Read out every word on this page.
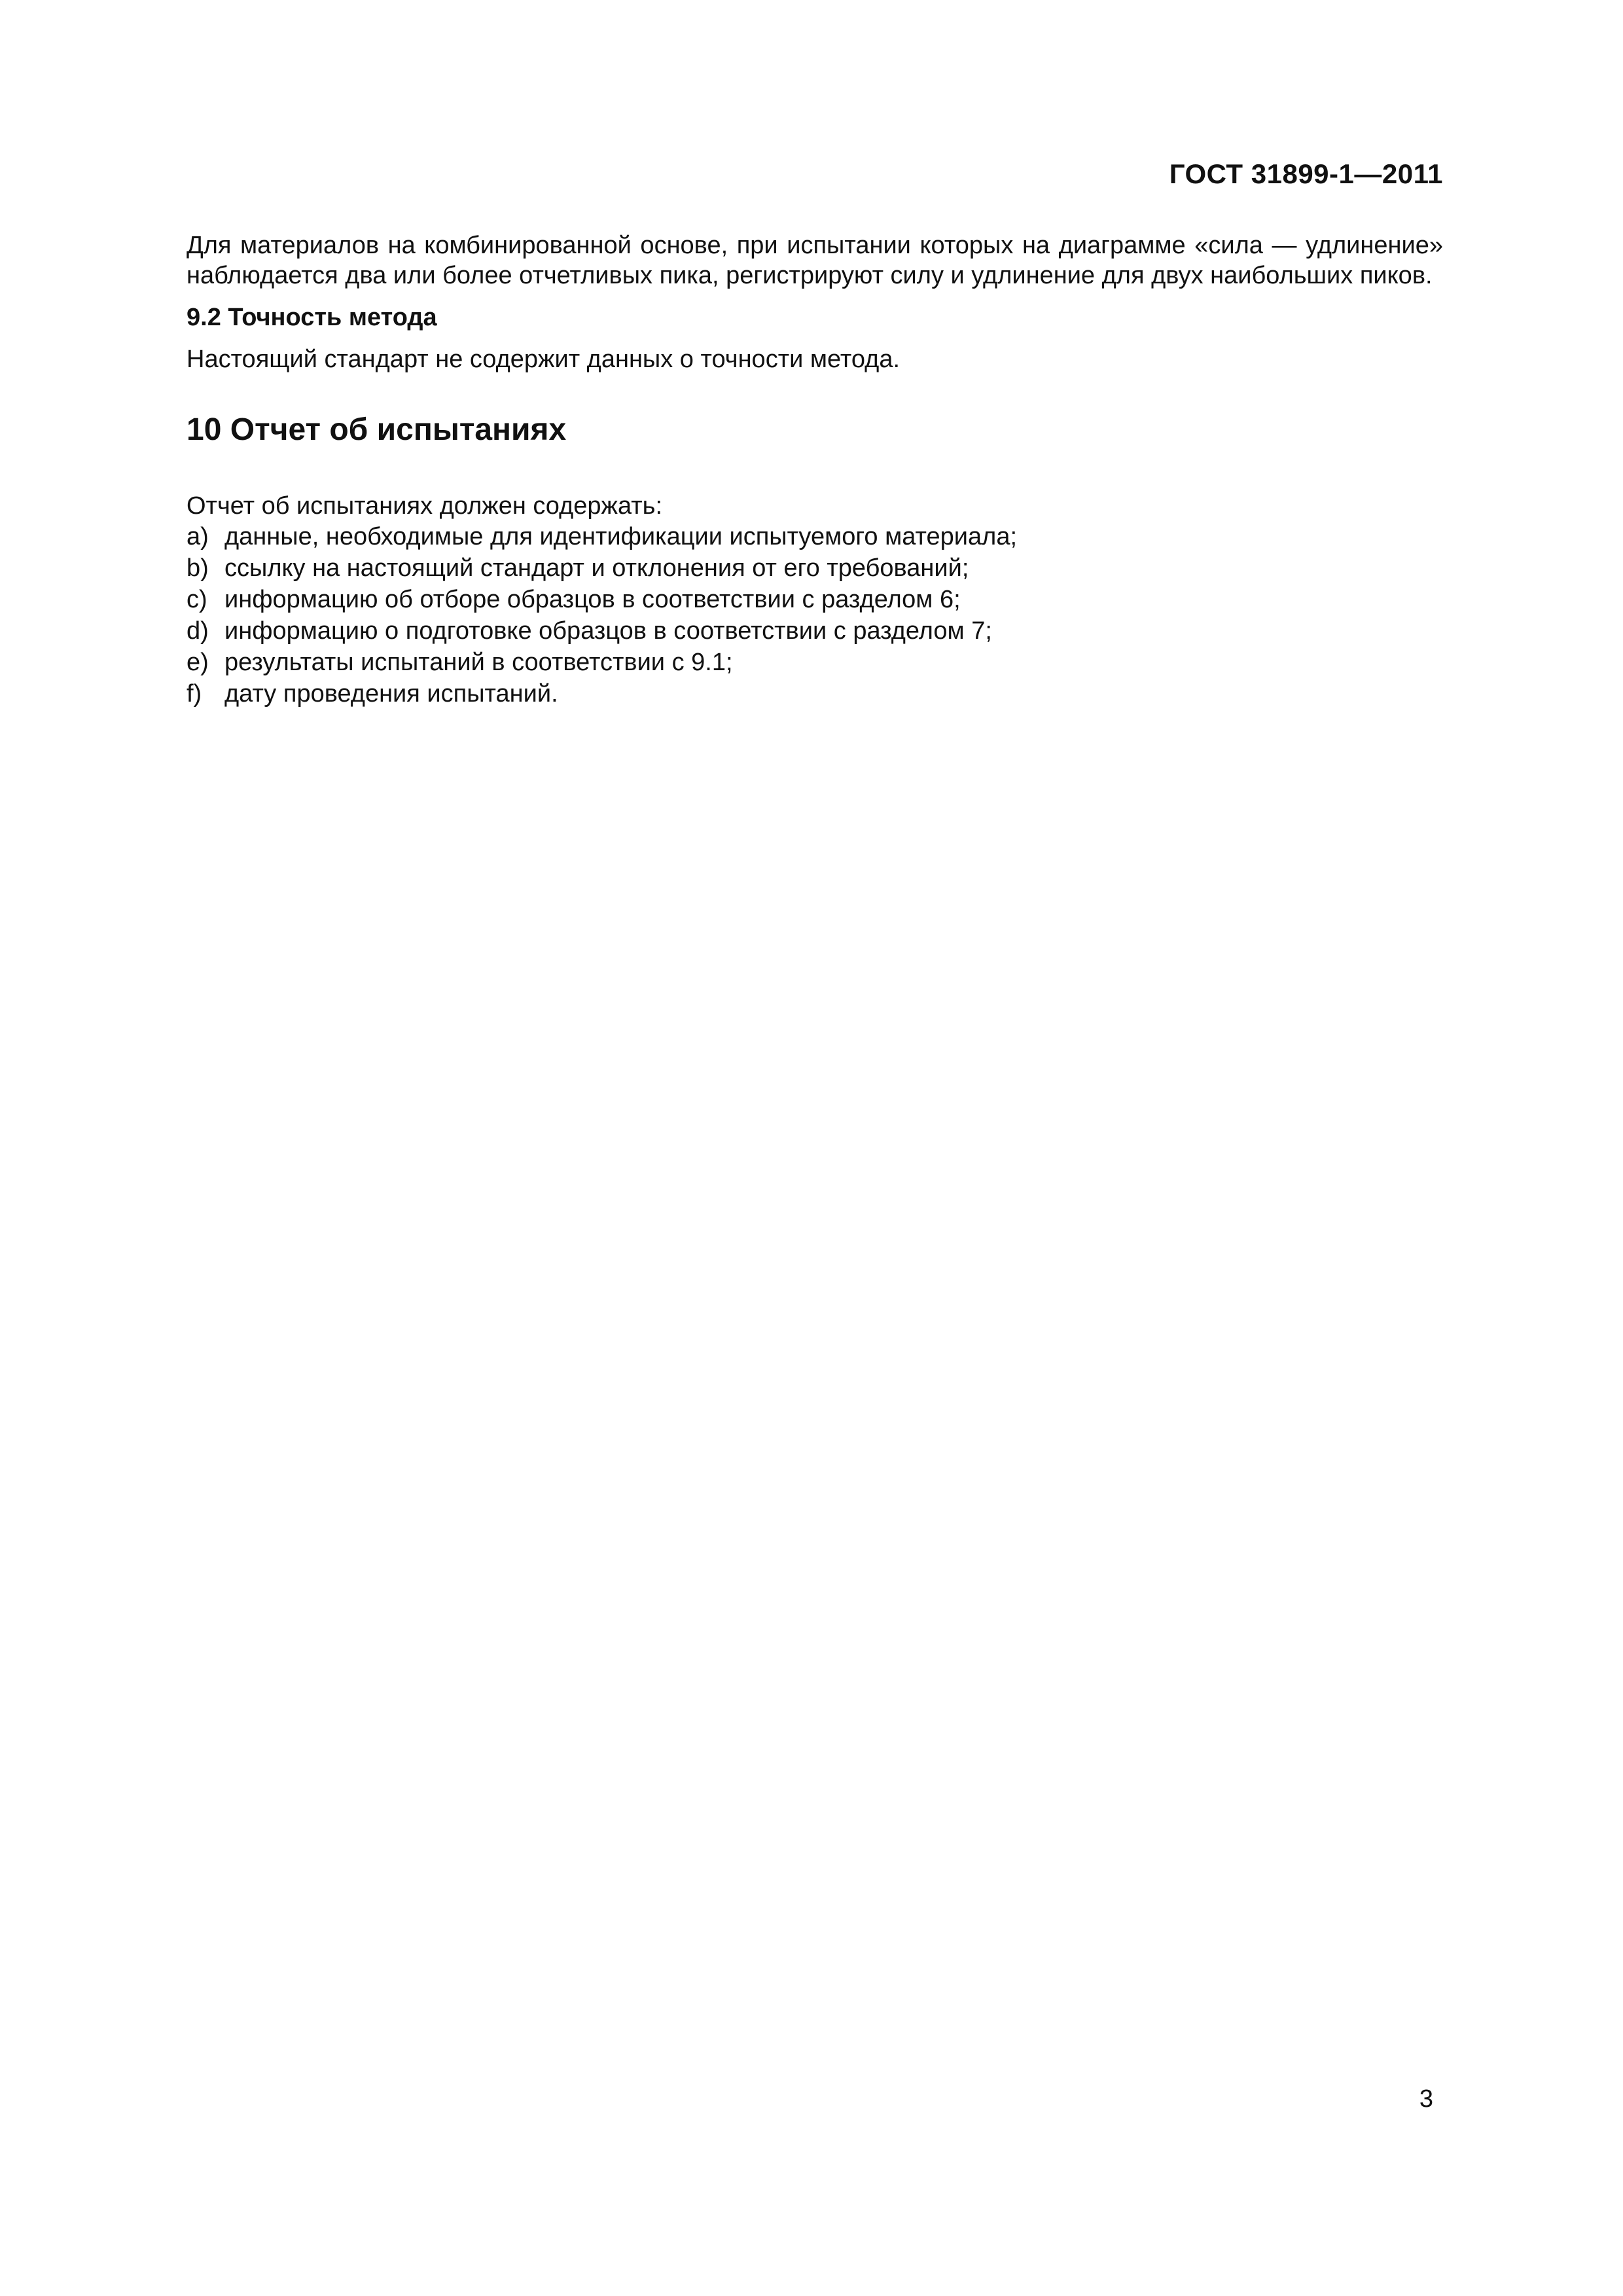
ГОСТ 31899-1—2011

Для материалов на комбинированной основе, при испытании которых на диаграмме «сила — удлинение» наблюдается два или более отчетливых пика, регистрируют силу и удлинение для двух наибольших пиков.

9.2 Точность метода

Настоящий стандарт не содержит данных о точности метода.

10 Отчет об испытаниях

Отчет об испытаниях должен содержать:

a) данные, необходимые для идентификации испытуемого материала;
b) ссылку на настоящий стандарт и отклонения от его требований;
c) информацию об отборе образцов в соответствии с разделом 6;
d) информацию о подготовке образцов в соответствии с разделом 7;
e) результаты испытаний в соответствии с 9.1;
f) дату проведения испытаний.
3
